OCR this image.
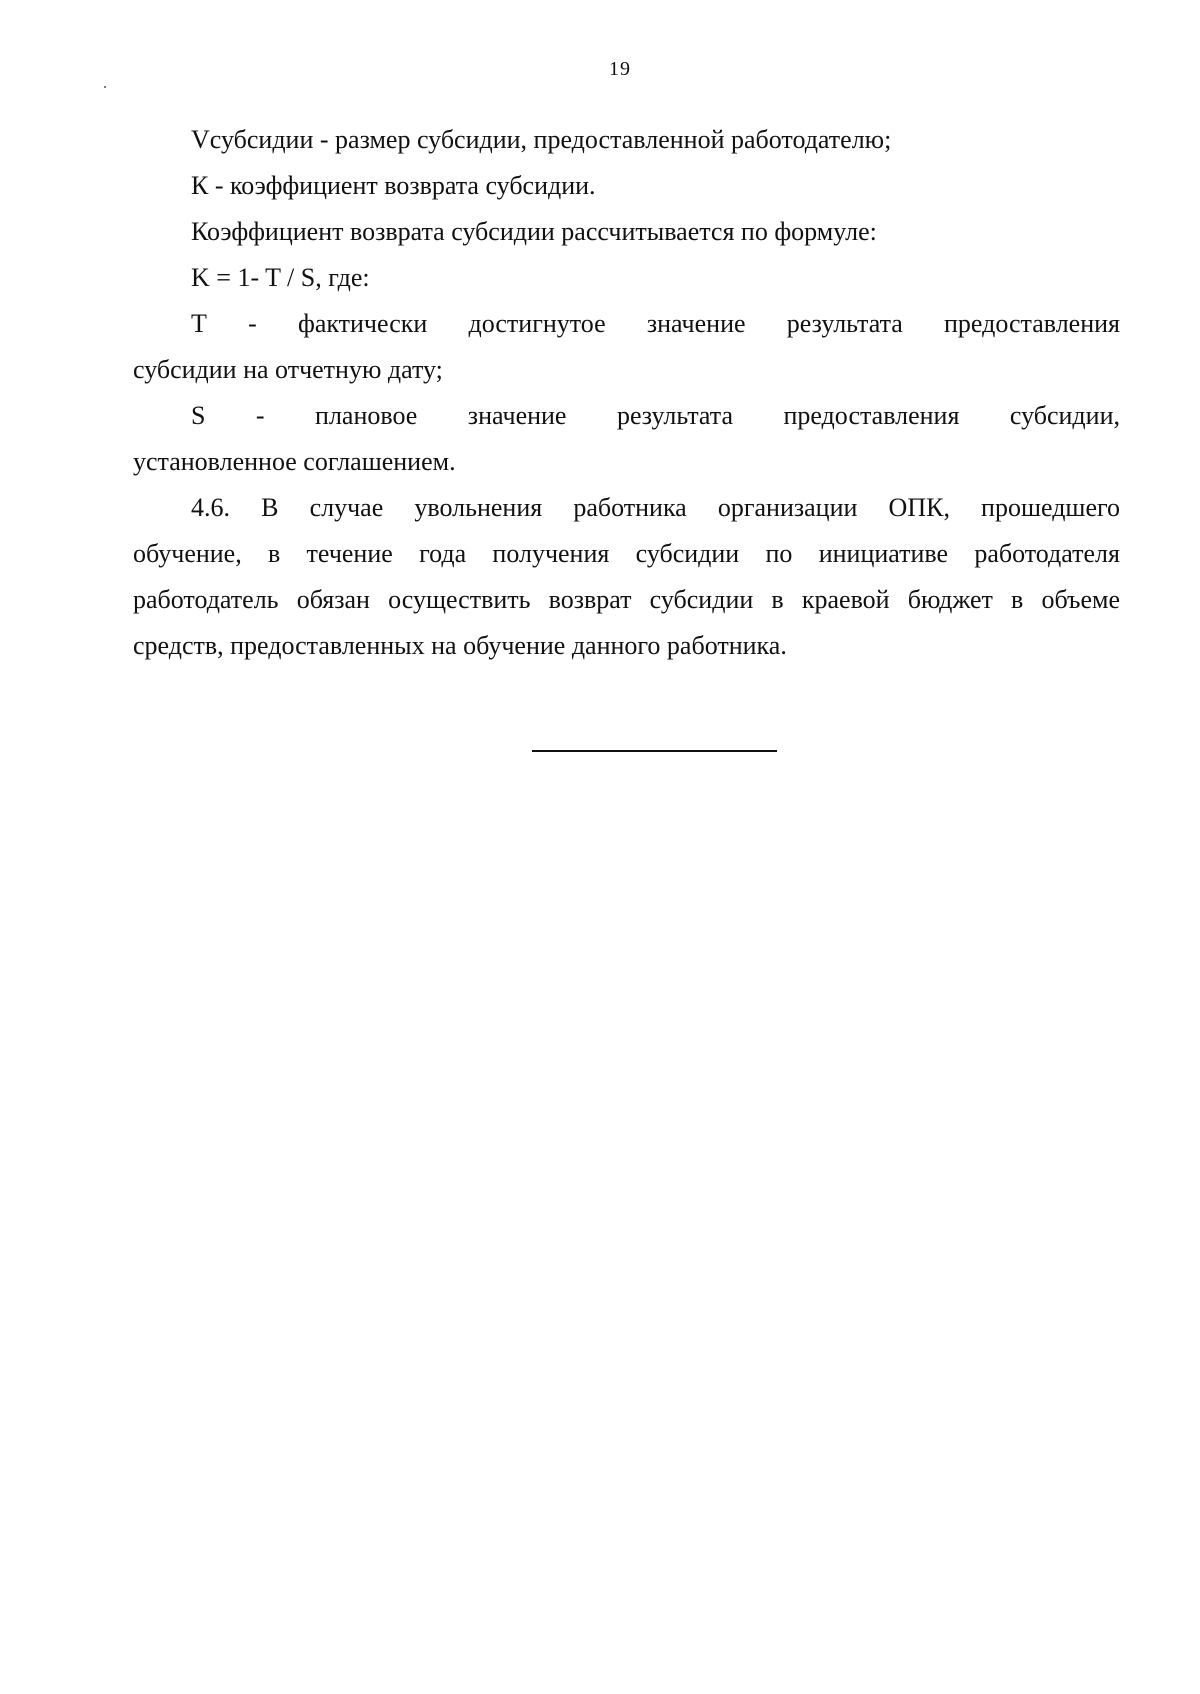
19
Vсубсидии - размер субсидии, предоставленной работодателю;
К - коэффициент возврата субсидии.
Коэффициент возврата субсидии рассчитывается по формуле:
K = 1- T / S, где:
Т - фактически достигнутое значение результата предоставления
субсидии на отчетную дату;
S - плановое значение результата предоставления субсидии,
установленное соглашением.
4.6. В случае увольнения работника организации ОПК, прошедшего
обучение, в течение года получения субсидии по инициативе работодателя
работодатель обязан осуществить возврат субсидии в краевой бюджет в объеме
средств, предоставленных на обучение данного работника.
